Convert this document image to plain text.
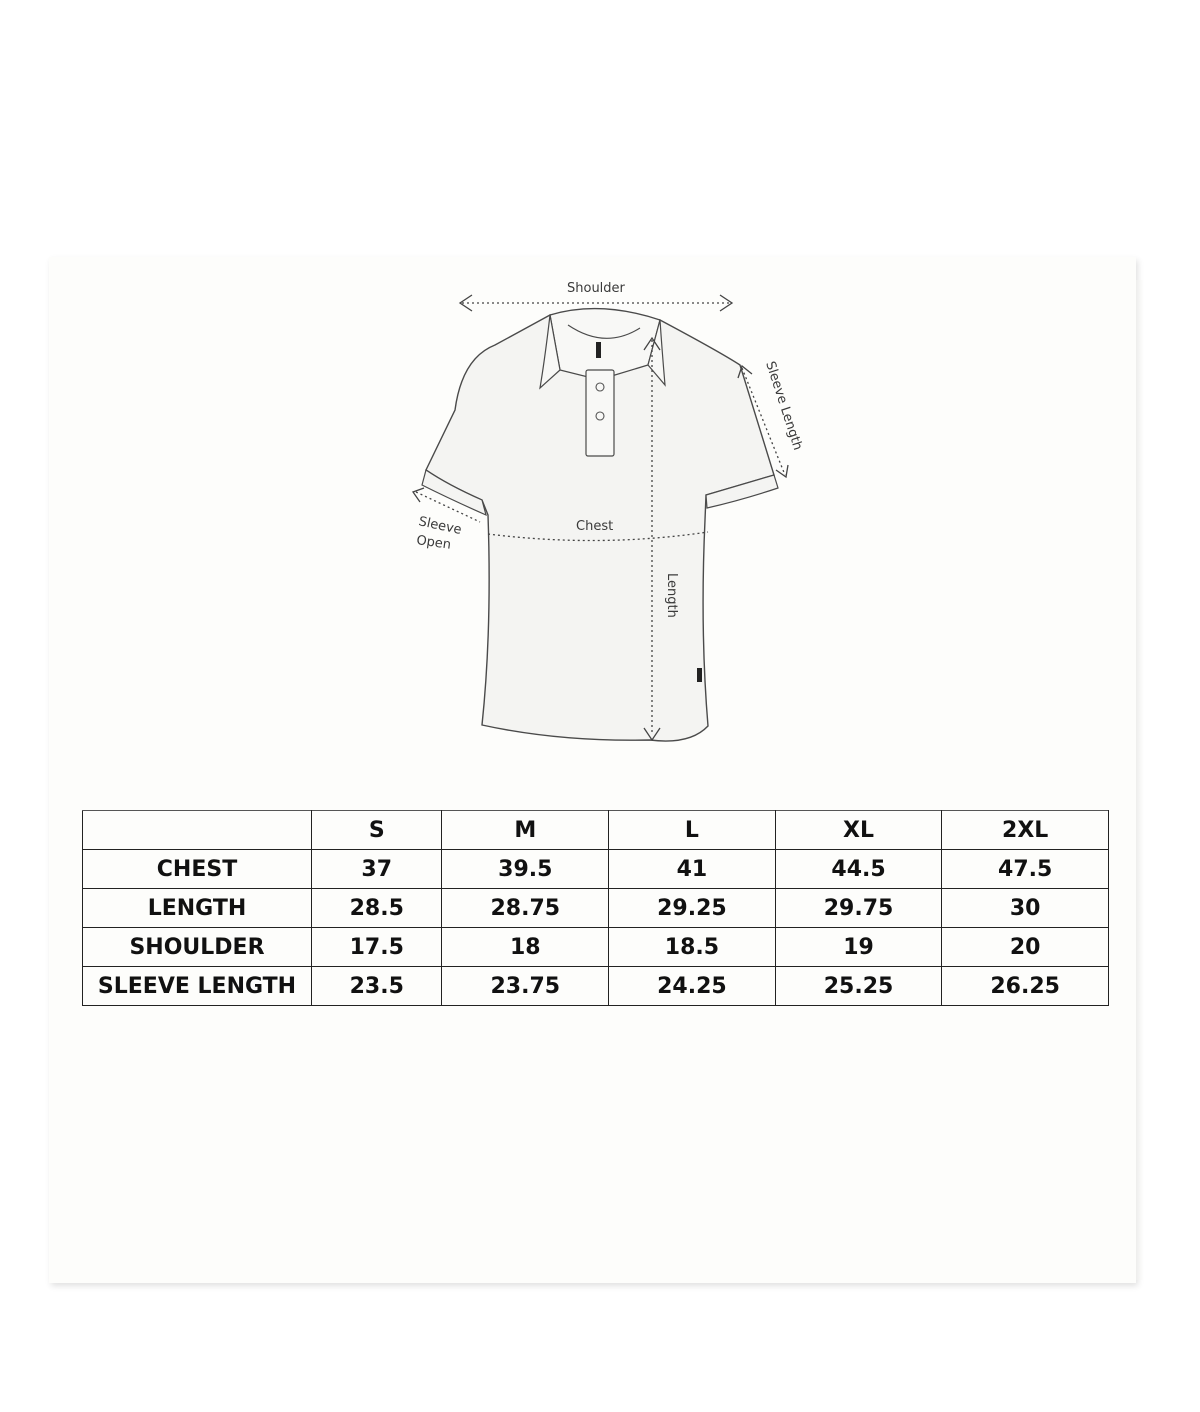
Shoulder
Length
Chest
Sleeve Length
Sleeve
Open
	S	M	L	XL	2XL
CHEST	37	39.5	41	44.5	47.5
LENGTH	28.5	28.75	29.25	29.75	30
SHOULDER	17.5	18	18.5	19	20
SLEEVE LENGTH	23.5	23.75	24.25	25.25	26.25
